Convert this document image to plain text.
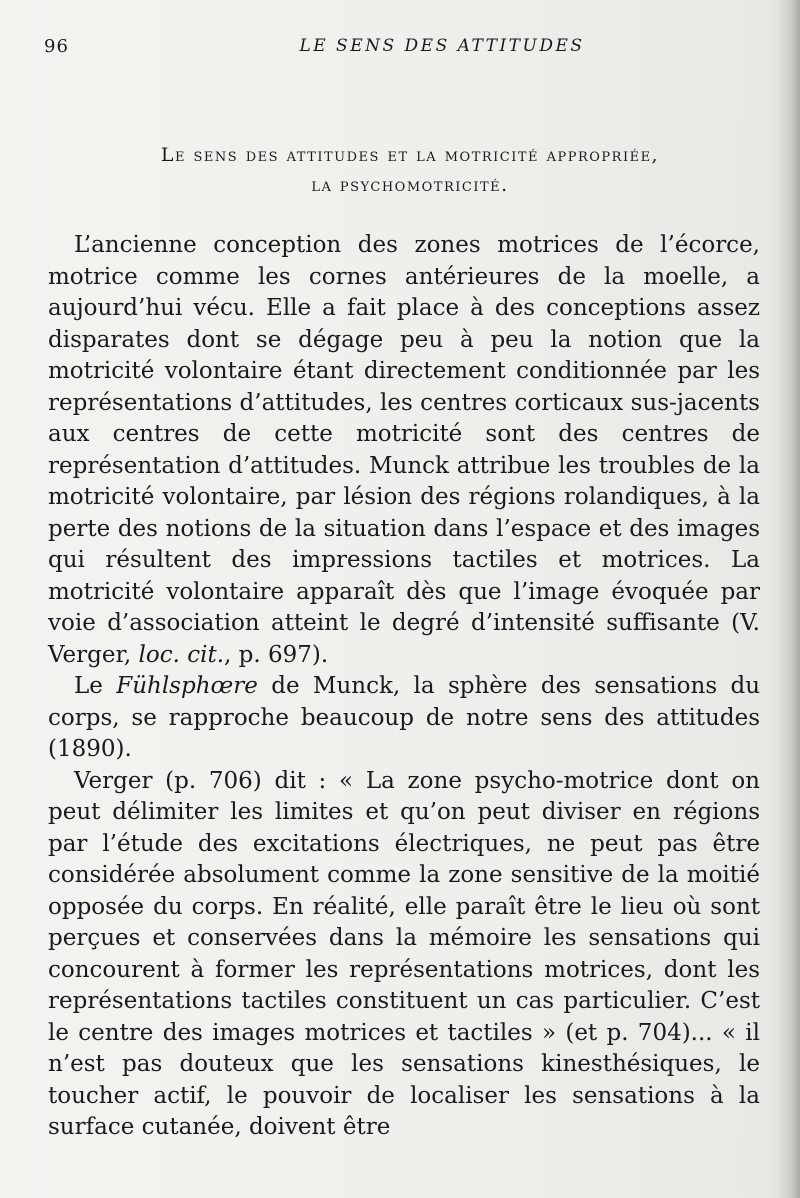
96	LE SENS DES ATTITUDES
Le sens des attitudes et la motricité appropriée,
la psychomotricité.

L’ancienne conception des zones motrices de l’écorce, motrice comme les cornes antérieures de la moelle, a aujourd’hui vécu. Elle a fait place à des conceptions assez disparates dont se dégage peu à peu la notion que la motricité volontaire étant directement conditionnée par les représentations d’attitudes, les centres corticaux sus-jacents aux centres de cette motricité sont des centres de représentation d’attitudes. Munck attribue les troubles de la motricité volontaire, par lésion des régions rolandiques, à la perte des notions de la situation dans l’espace et des images qui résultent des impressions tactiles et motrices. La motricité volontaire apparaît dès que l’image évoquée par voie d’association atteint le degré d’intensité suffisante (V. Verger, loc. cit., p. 697).

Le Fühlsphœre de Munck, la sphère des sensations du corps, se rapproche beaucoup de notre sens des attitudes (1890).

Verger (p. 706) dit : « La zone psycho-motrice dont on peut délimiter les limites et qu’on peut diviser en régions par l’étude des excitations électriques, ne peut pas être considérée absolument comme la zone sensitive de la moitié opposée du corps. En réalité, elle paraît être le lieu où sont perçues et conservées dans la mémoire les sensations qui concourent à former les représentations motrices, dont les représentations tactiles constituent un cas particulier. C’est le centre des images motrices et tactiles » (et p. 704)... « il n’est pas douteux que les sensations kinesthésiques, le toucher actif, le pouvoir de localiser les sensations à la surface cutanée, doivent être
